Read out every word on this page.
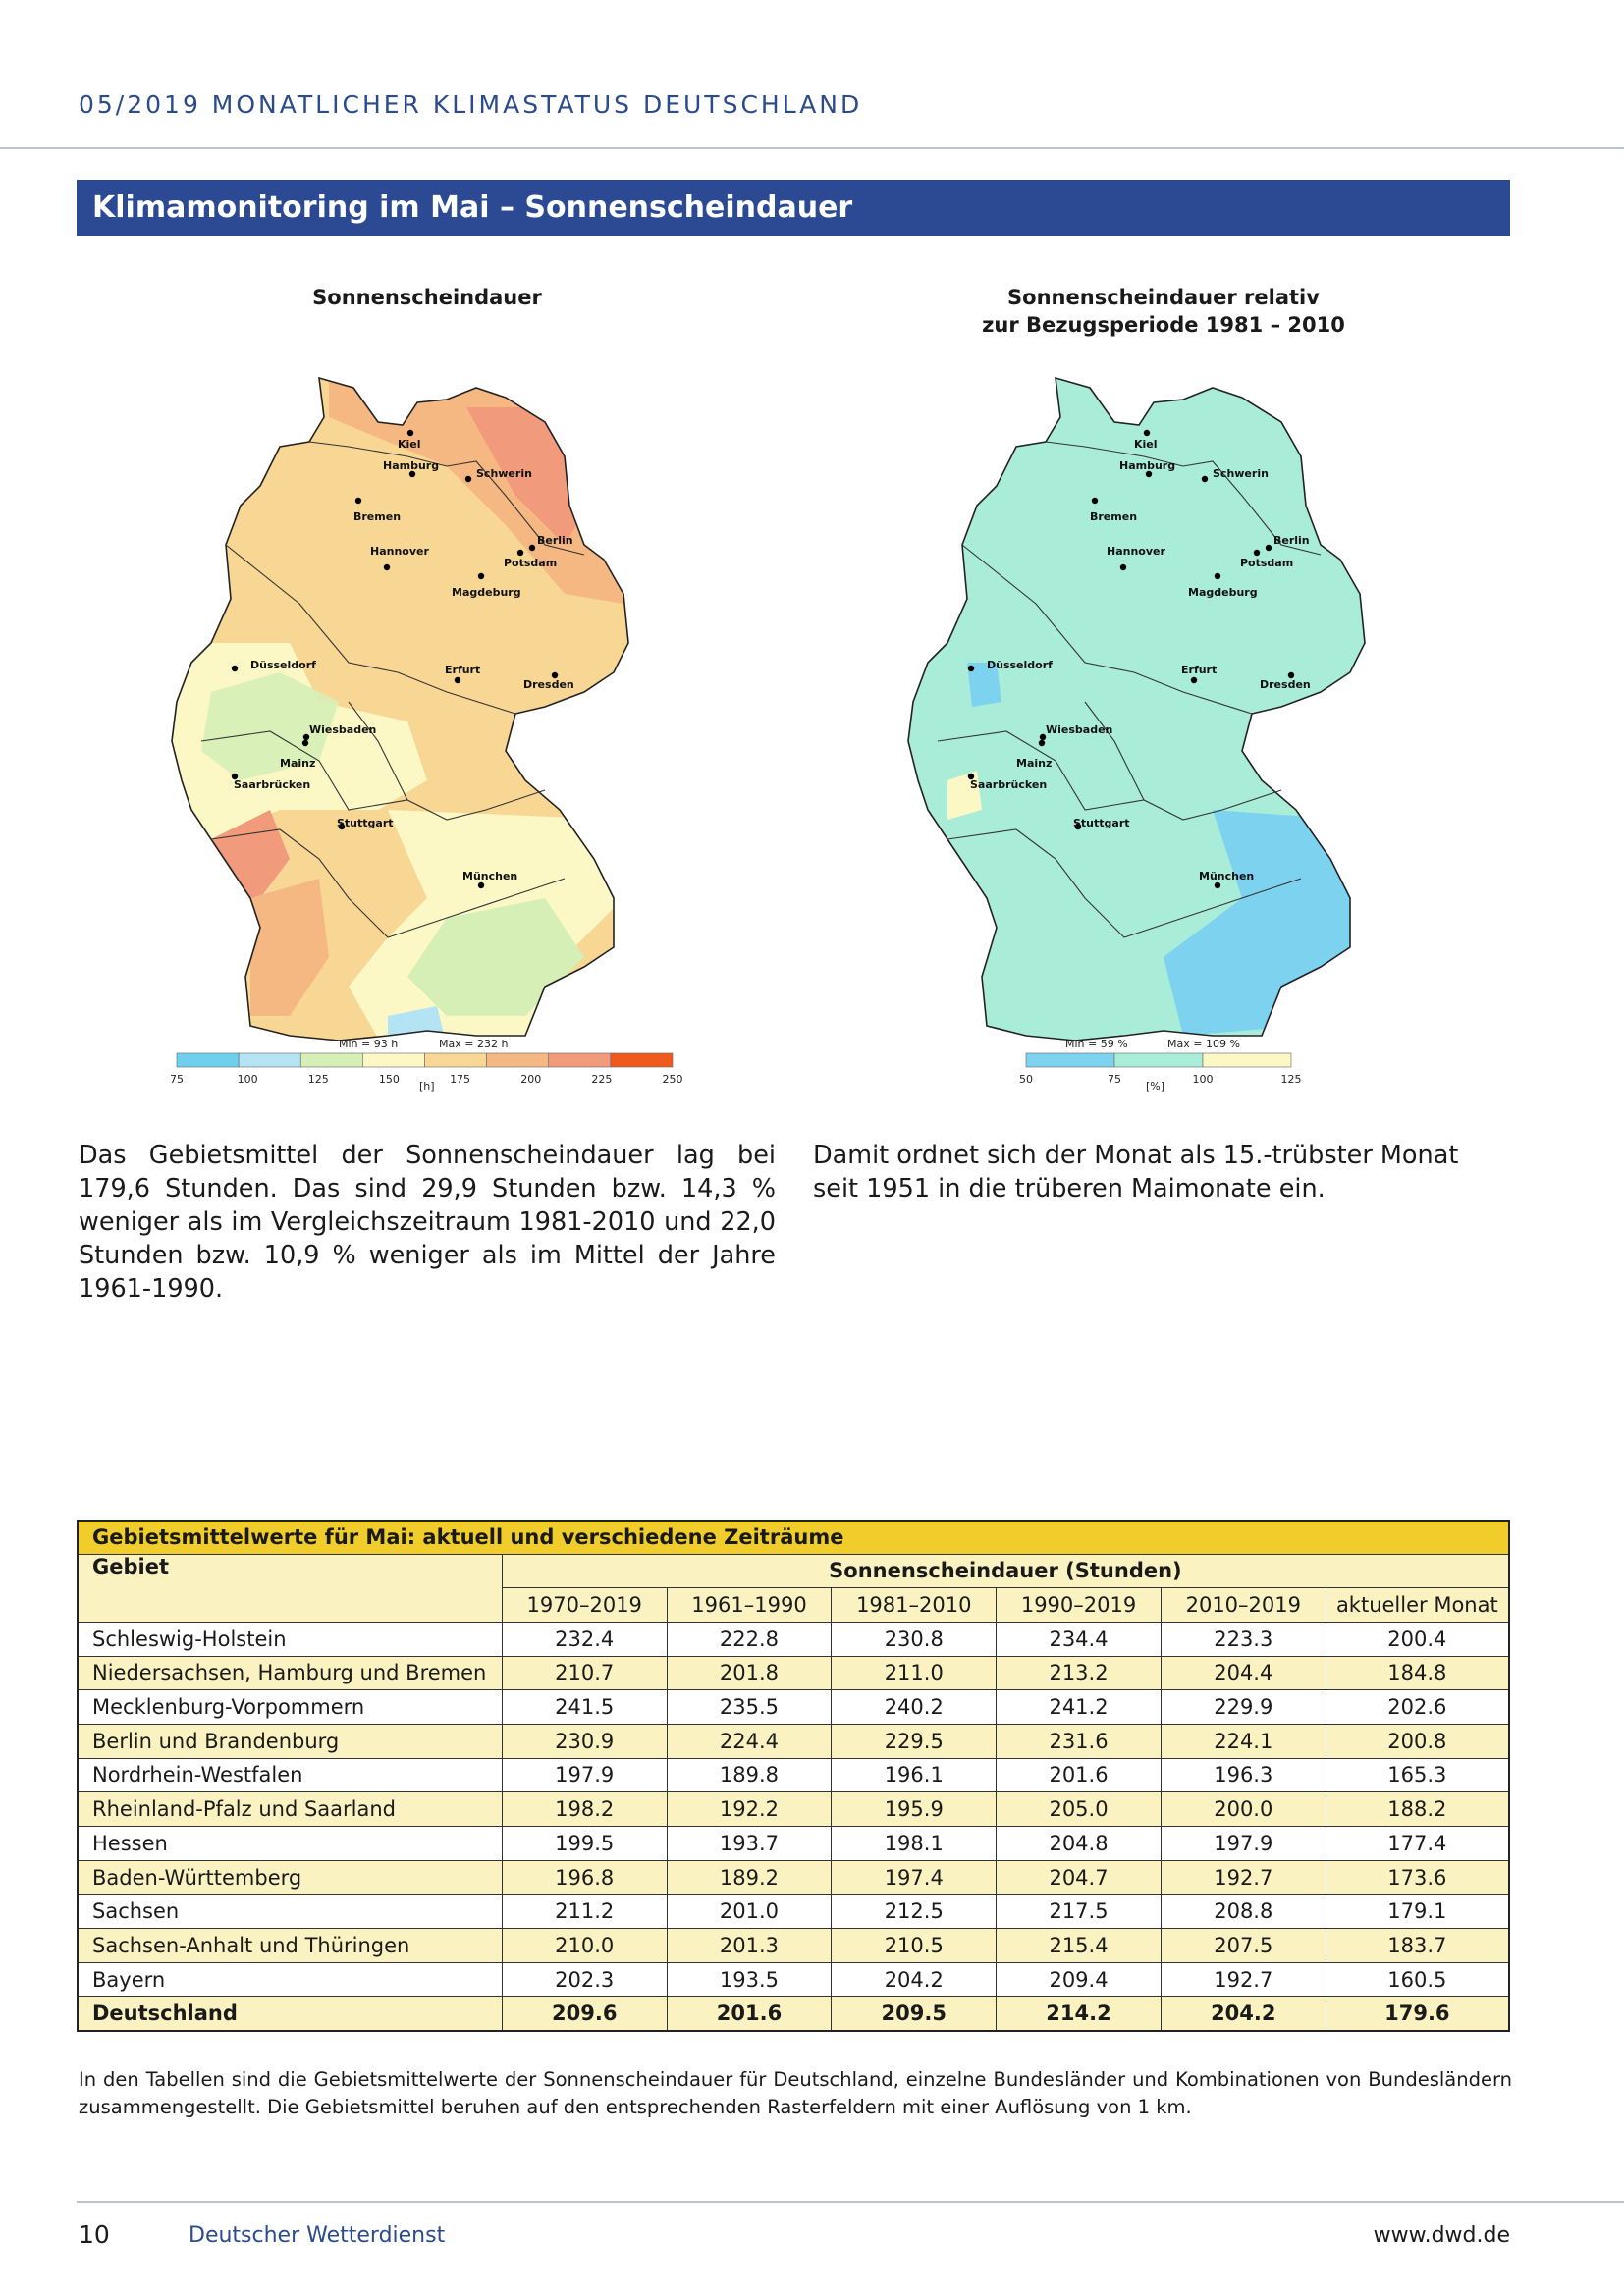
05/2019 MONATLICHER KLIMASTATUS DEUTSCHLAND
Klimamonitoring im Mai – Sonnenscheindauer
Sonnenscheindauer
Kiel
Hamburg
Schwerin
Bremen
Hannover
Berlin
Potsdam
Magdeburg
Düsseldorf	Erfurt
Dresden
Wiesbaden
Mainz
Saarbrücken
Stuttgart
München
Min = 93 h	Max = 232 h
75	100	125	150	175	200	225	250
[h]
Sonnenscheindauer relativ
zur Bezugsperiode 1981 – 2010
Kiel
Hamburg
Schwerin
Bremen
Hannover
Berlin
Potsdam
Magdeburg
Düsseldorf	Erfurt
Dresden
Wiesbaden
Mainz
Saarbrücken
Stuttgart
München
Min = 59 %	Max = 109 %
50	75	100	125
[%]
Das Gebietsmittel der Sonnenscheindauer lag bei 179,6 Stunden. Das sind 29,9 Stunden bzw. 14,3 % weniger als im Vergleichszeitraum 1981-2010 und 22,0 Stunden bzw. 10,9 % weniger als im Mittel der Jahre 1961-1990.
Damit ordnet sich der Monat als 15.-trübster Monat seit 1951 in die trüberen Maimonate ein.
Gebietsmittelwerte für Mai: aktuell und verschiedene Zeiträume						
Gebiet	Sonnenscheindauer (Stunden)					
	1970–2019	1961–1990	1981–2010	1990–2019	2010–2019	aktueller Monat
Schleswig-Holstein	232.4	222.8	230.8	234.4	223.3	200.4
Niedersachsen, Hamburg und Bremen	210.7	201.8	211.0	213.2	204.4	184.8
Mecklenburg-Vorpommern	241.5	235.5	240.2	241.2	229.9	202.6
Berlin und Brandenburg	230.9	224.4	229.5	231.6	224.1	200.8
Nordrhein-Westfalen	197.9	189.8	196.1	201.6	196.3	165.3
Rheinland-Pfalz und Saarland	198.2	192.2	195.9	205.0	200.0	188.2
Hessen	199.5	193.7	198.1	204.8	197.9	177.4
Baden-Württemberg	196.8	189.2	197.4	204.7	192.7	173.6
Sachsen	211.2	201.0	212.5	217.5	208.8	179.1
Sachsen-Anhalt und Thüringen	210.0	201.3	210.5	215.4	207.5	183.7
Bayern	202.3	193.5	204.2	209.4	192.7	160.5
Deutschland	209.6	201.6	209.5	214.2	204.2	179.6
In den Tabellen sind die Gebietsmittelwerte der Sonnenscheindauer für Deutschland, einzelne Bundesländer und Kombinationen von Bundesländern zusammengestellt. Die Gebietsmittel beruhen auf den entsprechenden Rasterfeldern mit einer Auflösung von 1 km.
10	Deutscher Wetterdienst	www.dwd.de
